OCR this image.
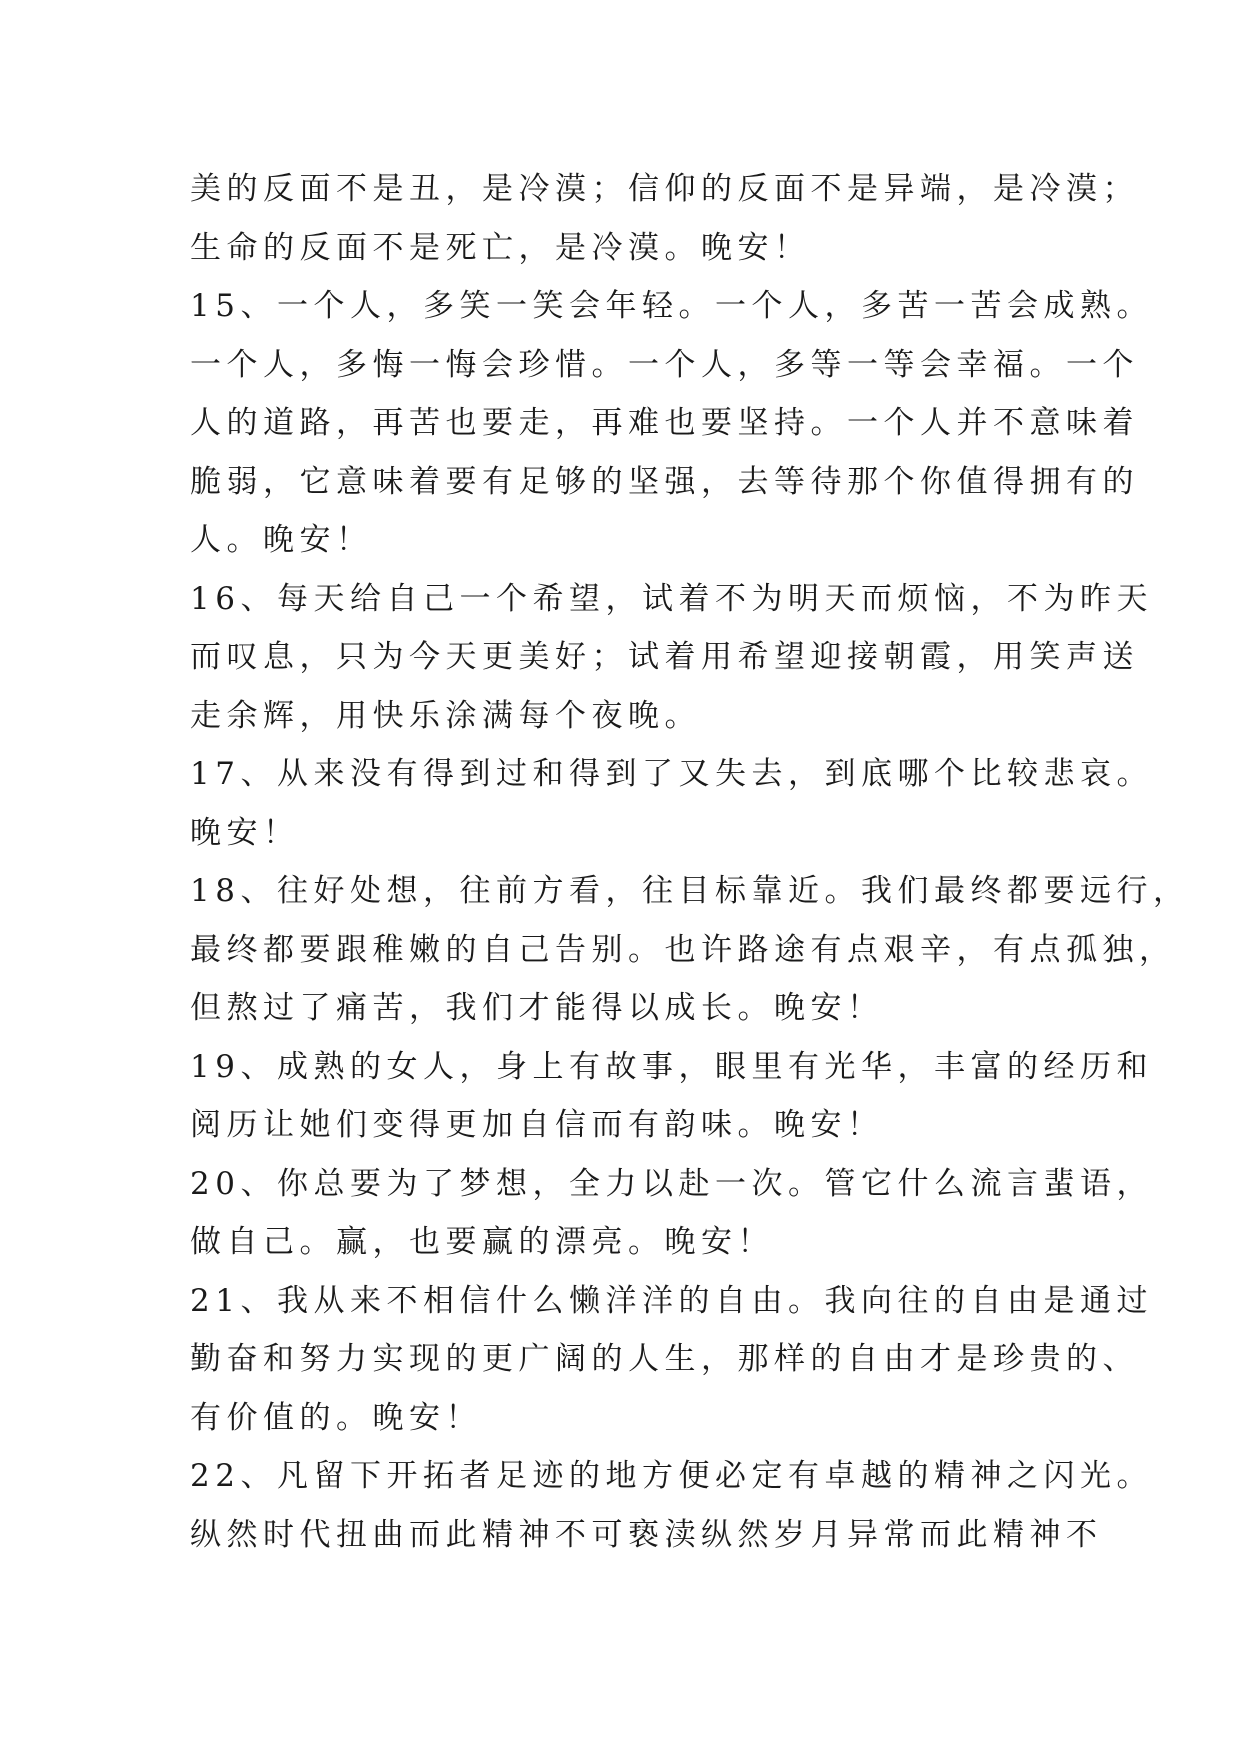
美的反面不是丑，是冷漠；信仰的反面不是异端，是冷漠；
生命的反面不是死亡，是冷漠。晚安！
15、一个人，多笑一笑会年轻。一个人，多苦一苦会成熟。
一个人，多悔一悔会珍惜。一个人，多等一等会幸福。一个
人的道路，再苦也要走，再难也要坚持。一个人并不意味着
脆弱，它意味着要有足够的坚强，去等待那个你值得拥有的
人。晚安！
16、每天给自己一个希望，试着不为明天而烦恼，不为昨天
而叹息，只为今天更美好；试着用希望迎接朝霞，用笑声送
走余辉，用快乐涂满每个夜晚。
17、从来没有得到过和得到了又失去，到底哪个比较悲哀。
晚安！
18、往好处想，往前方看，往目标靠近。我们最终都要远行，
最终都要跟稚嫩的自己告别。也许路途有点艰辛，有点孤独，
但熬过了痛苦，我们才能得以成长。晚安！
19、成熟的女人，身上有故事，眼里有光华，丰富的经历和
阅历让她们变得更加自信而有韵味。晚安！
20、你总要为了梦想，全力以赴一次。管它什么流言蜚语，
做自己。赢，也要赢的漂亮。晚安！
21、我从来不相信什么懒洋洋的自由。我向往的自由是通过
勤奋和努力实现的更广阔的人生，那样的自由才是珍贵的、
有价值的。晚安！
22、凡留下开拓者足迹的地方便必定有卓越的精神之闪光。
纵然时代扭曲而此精神不可亵渎纵然岁月异常而此精神不
